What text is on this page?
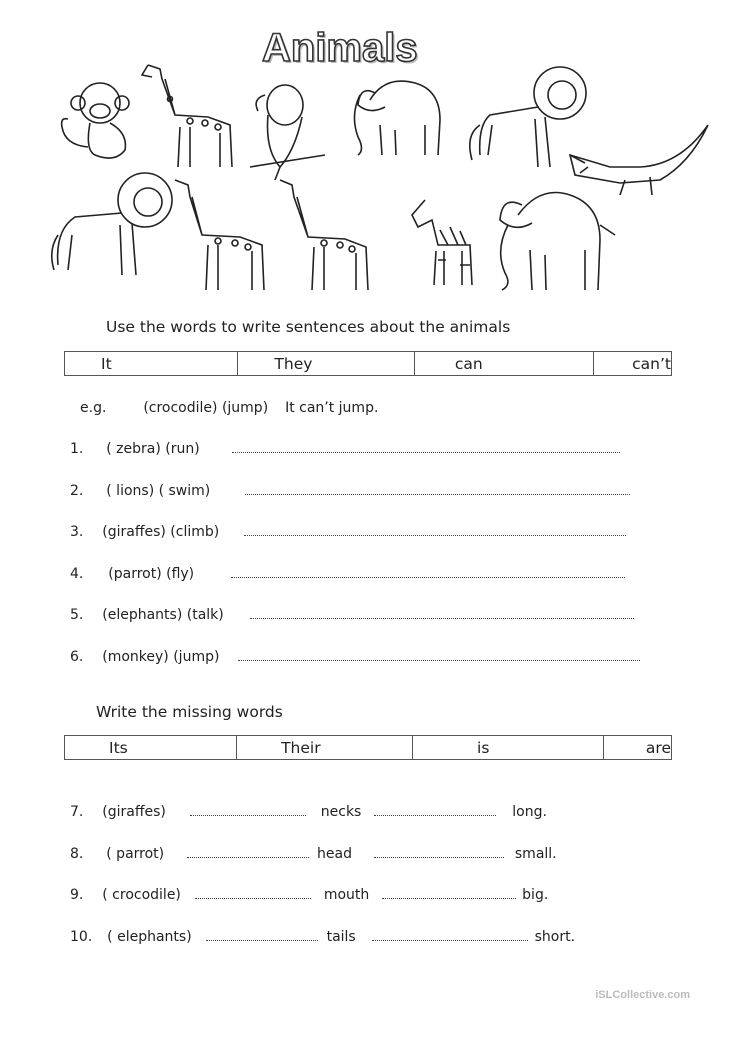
Animals
Use the words to write sentences about the animals
It	They	can	can’t
e.g.	(crocodile) (jump) It can’t jump.
1. ( zebra) (run)
2. ( lions) ( swim)
3. (giraffes) (climb)
4. (parrot) (fly)
5. (elephants) (talk)
6. (monkey) (jump)
Write the missing words
Its	Their	is	are
7. (giraffes)	necks	long.
8. ( parrot)	head	small.
9. ( crocodile)	mouth	big.
10. ( elephants)	tails	short.
iSLCollective.com
